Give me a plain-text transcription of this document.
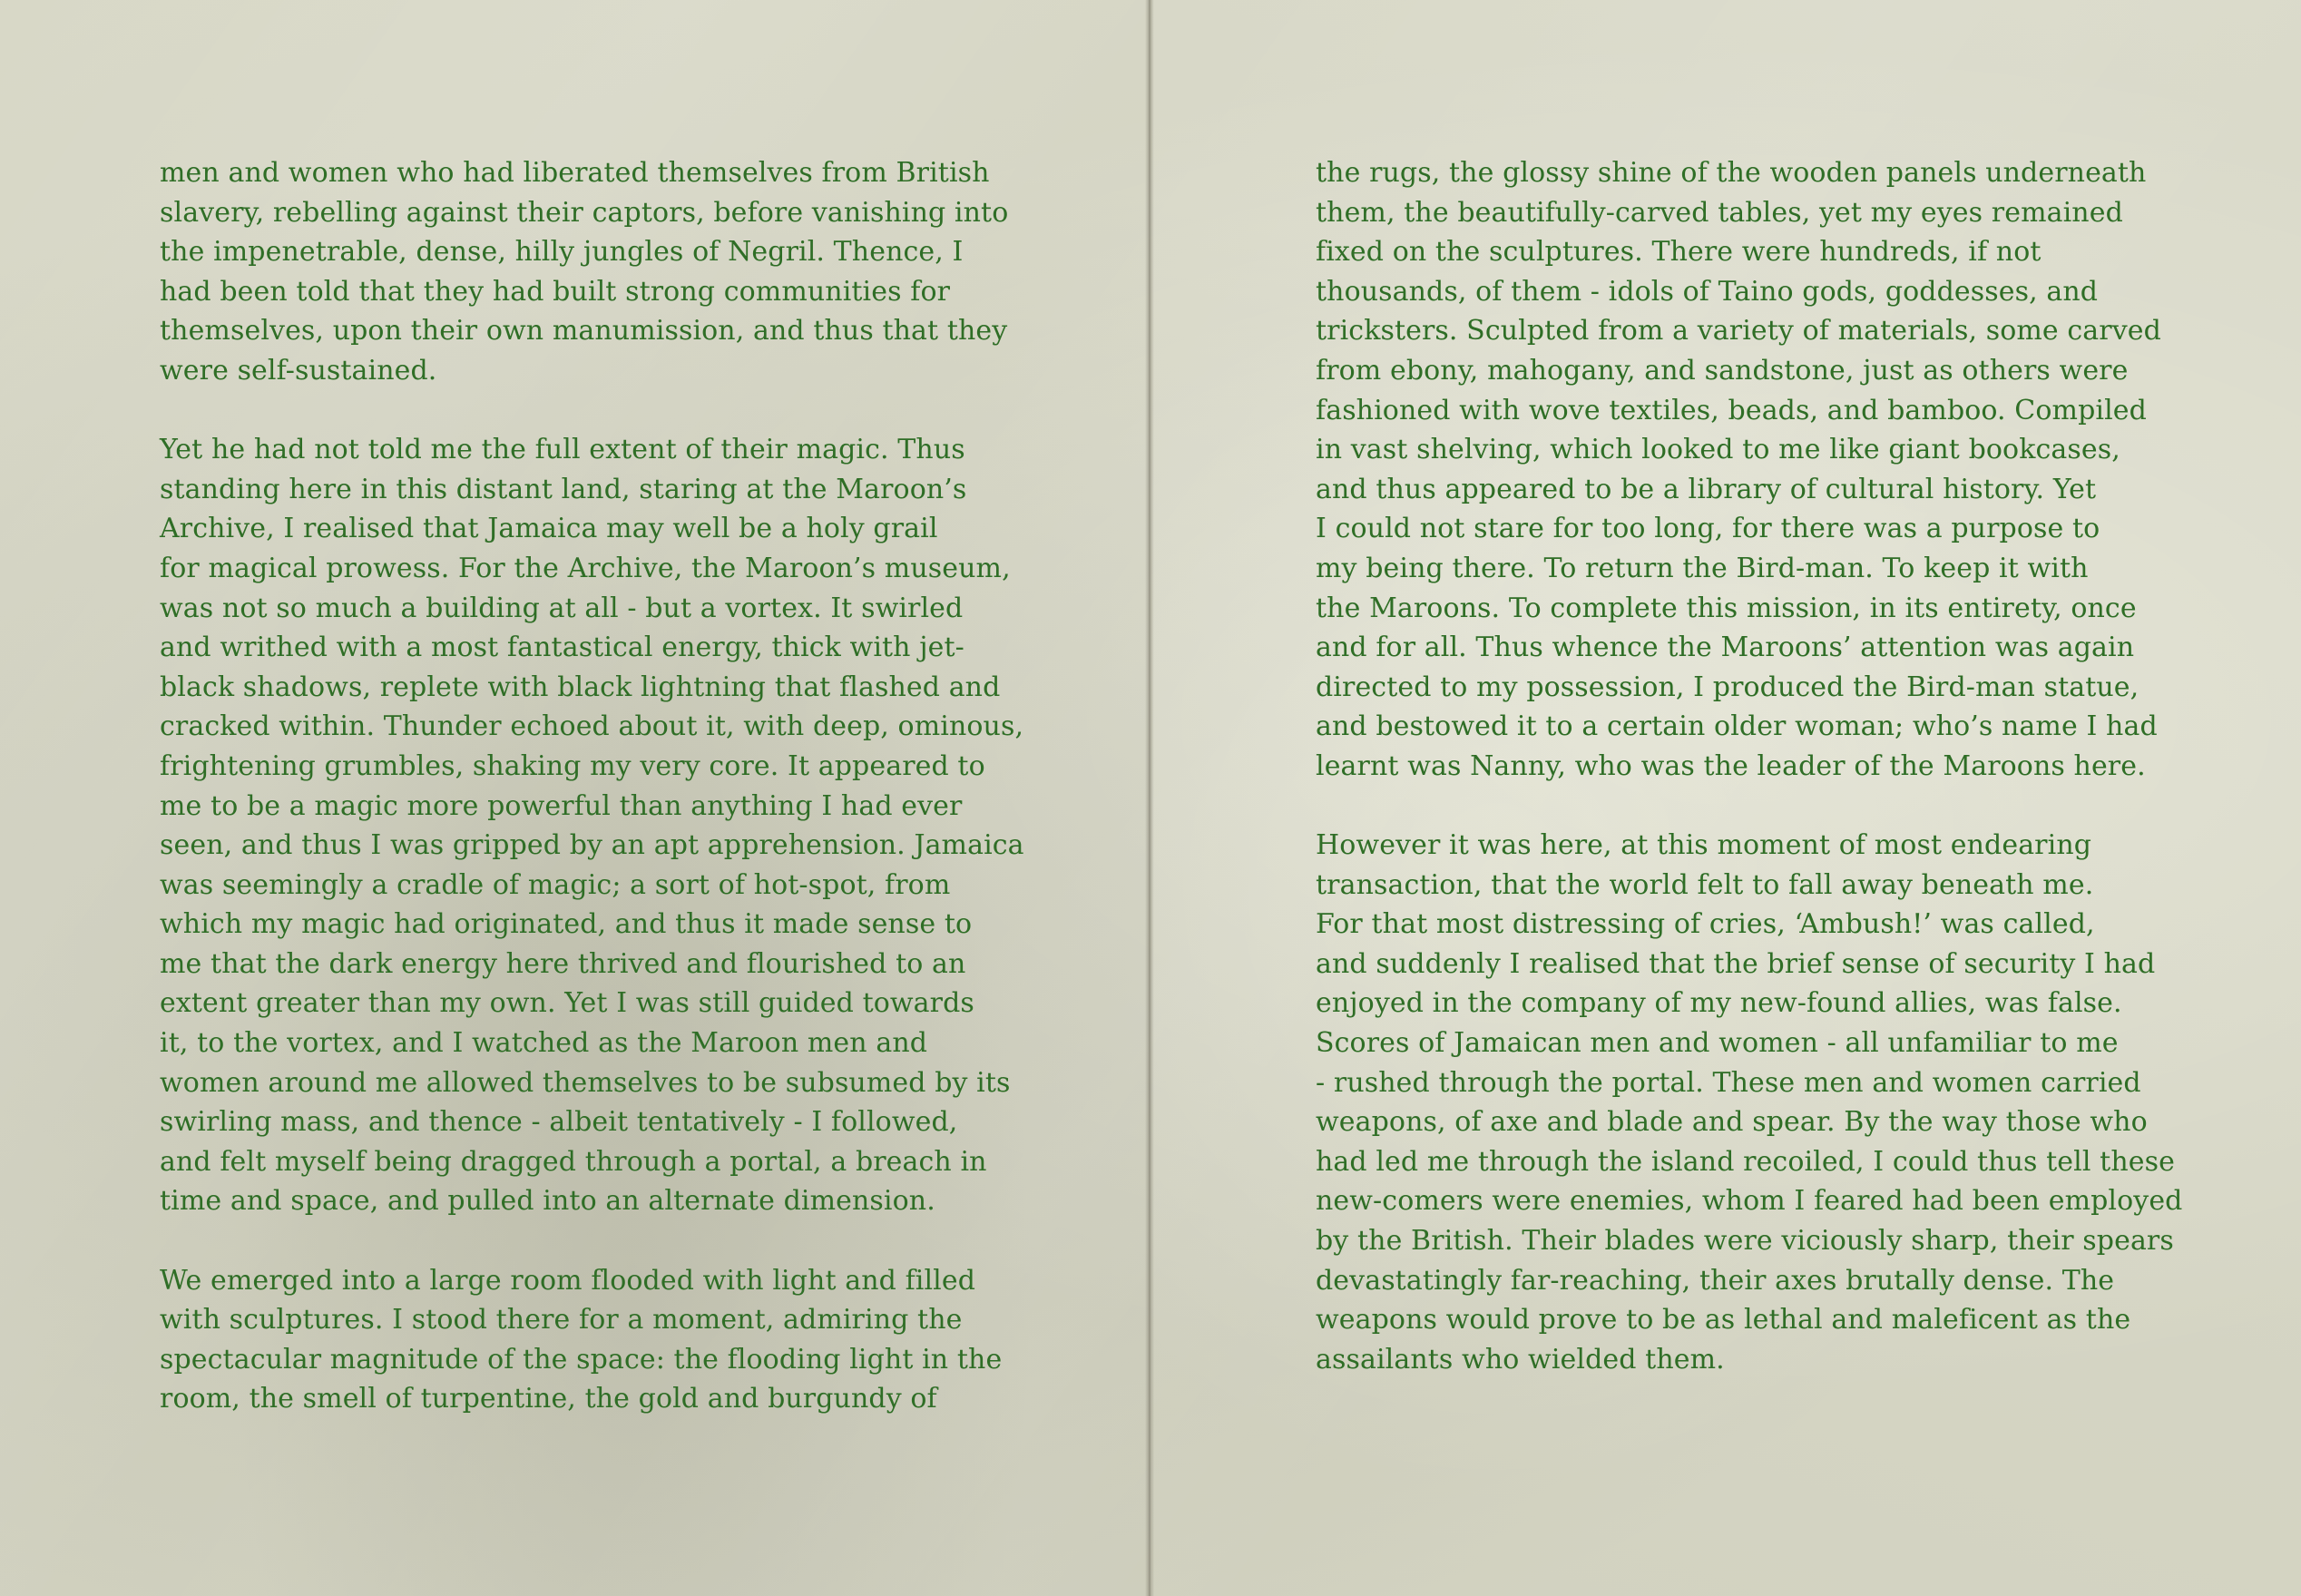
men and women who had liberated themselves from British
slavery, rebelling against their captors, before vanishing into
the impenetrable, dense, hilly jungles of Negril. Thence, I
had been told that they had built strong communities for
themselves, upon their own manumission, and thus that they
were self-sustained.

Yet he had not told me the full extent of their magic. Thus
standing here in this distant land, staring at the Maroon’s
Archive, I realised that Jamaica may well be a holy grail
for magical prowess. For the Archive, the Maroon’s museum,
was not so much a building at all - but a vortex. It swirled
and writhed with a most fantastical energy, thick with jet-
black shadows, replete with black lightning that flashed and
cracked within. Thunder echoed about it, with deep, ominous,
frightening grumbles, shaking my very core. It appeared to
me to be a magic more powerful than anything I had ever
seen, and thus I was gripped by an apt apprehension. Jamaica
was seemingly a cradle of magic; a sort of hot-spot, from
which my magic had originated, and thus it made sense to
me that the dark energy here thrived and flourished to an
extent greater than my own. Yet I was still guided towards
it, to the vortex, and I watched as the Maroon men and
women around me allowed themselves to be subsumed by its
swirling mass, and thence - albeit tentatively - I followed,
and felt myself being dragged through a portal, a breach in
time and space, and pulled into an alternate dimension.

We emerged into a large room flooded with light and filled
with sculptures. I stood there for a moment, admiring the
spectacular magnitude of the space: the flooding light in the
room, the smell of turpentine, the gold and burgundy of

the rugs, the glossy shine of the wooden panels underneath
them, the beautifully-carved tables, yet my eyes remained
fixed on the sculptures. There were hundreds, if not
thousands, of them - idols of Taino gods, goddesses, and
tricksters. Sculpted from a variety of materials, some carved
from ebony, mahogany, and sandstone, just as others were
fashioned with wove textiles, beads, and bamboo. Compiled
in vast shelving, which looked to me like giant bookcases,
and thus appeared to be a library of cultural history. Yet
I could not stare for too long, for there was a purpose to
my being there. To return the Bird-man. To keep it with
the Maroons. To complete this mission, in its entirety, once
and for all. Thus whence the Maroons’ attention was again
directed to my possession, I produced the Bird-man statue,
and bestowed it to a certain older woman; who’s name I had
learnt was Nanny, who was the leader of the Maroons here.

However it was here, at this moment of most endearing
transaction, that the world felt to fall away beneath me.
For that most distressing of cries, ‘Ambush!’ was called,
and suddenly I realised that the brief sense of security I had
enjoyed in the company of my new-found allies, was false.
Scores of Jamaican men and women - all unfamiliar to me
- rushed through the portal. These men and women carried
weapons, of axe and blade and spear. By the way those who
had led me through the island recoiled, I could thus tell these
new-comers were enemies, whom I feared had been employed
by the British. Their blades were viciously sharp, their spears
devastatingly far-reaching, their axes brutally dense. The
weapons would prove to be as lethal and maleficent as the
assailants who wielded them.
